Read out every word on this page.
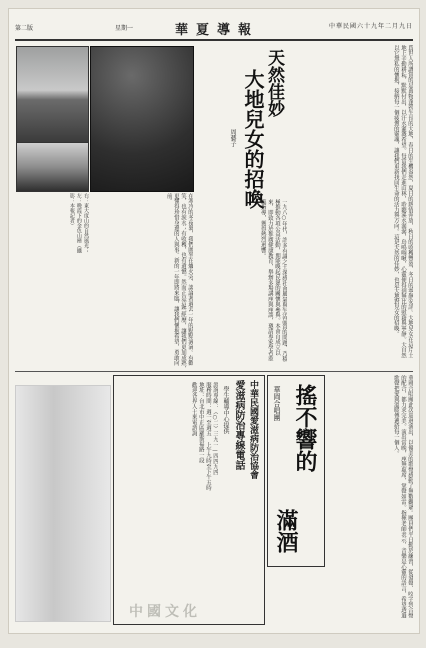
第二版	星期一	華夏導報	中華民國六十九年二月九日
天然佳妙
大地兒女的招喚
周藝子	爲世人所讚賞的是萬物蓬勃生長的大地，春日的生機盎然，夏日的熱情奔放，秋日的收穫豐盈，冬日的寧靜安詳。大地兒女在這片土地上辛勤耕耘，默默付出，以汗水灌溉希望。每當我們走進山林，聆聽溪水潺潺，鳥鳴啁啾，心靈便得到無比的慰藉與寧靜。大自然以它無私的懷抱，接納每一個疲憊的靈魂，讓我們重新找回生命的活力與方向。這是天然的佳妙，也是大地對兒女的招喚。
一九八○年代，許多有識之士深感社會風氣與生活品質的問題，乃積極推動各項公益活動，期能喚起民眾的關懷與參與。本會自成立以來，即致力於推廣健康教育，舉辦多場講座與座談，邀請專家學者蒞臨指導，獲得熱烈迴響。
右：東大度山的自然風光；左：晚霞下的金色山巒（攝影：本報記者）	在寒冷的冬夜裏，我們圍坐在爐火旁，談論著過去一年的點點滴滴。有歡笑，也有淚水；有收穫，也有遺憾。然而正是這些經歷，讓我們更加成熟，更懂得珍惜身邊的人與事。新的一年即將來臨，讓我們懷抱希望，勇敢向前。
中華民國愛滋病防治協會
愛滋病防治專線電話
學生輔導中心提供
諮詢專線：（○二）三九一—四四九四
服務時間：週一至週五 上午九時至下午五時
地址：台北市中正區羅斯福路一段
歡迎各界人士來電諮詢	搖不響的
華岡合唱團
滿酒	華岡合唱團此次巡迴演出，以優美的歌聲感動了無數觀眾。團員們平日勤於練習，從發聲、咬字到合聲的配合，都力求完美。演出當晚，座無虛席，掌聲如雷。指揮老師表示，音樂是心靈的語言，希望透過歌聲把愛與溫暖傳遞給每一個人。
中國文化
